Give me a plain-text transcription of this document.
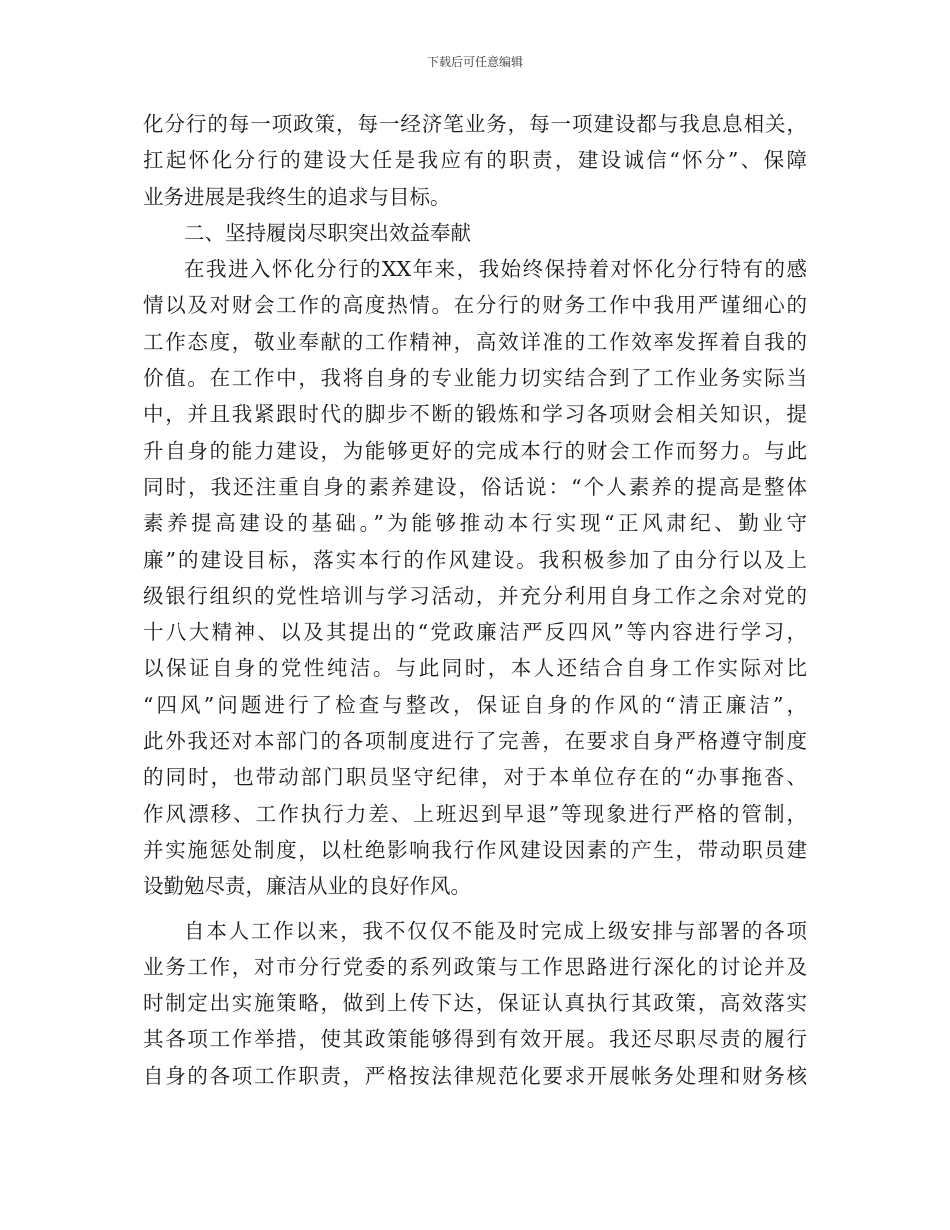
下载后可任意编辑
化分行的每一项政策，每一经济笔业务，每一项建设都与我息息相关，
扛起怀化分行的建设大任是我应有的职责，建设诚信“怀分”、保障
业务进展是我终生的追求与目标。
二、坚持履岗尽职突出效益奉献
在我进入怀化分行的XX年来，我始终保持着对怀化分行特有的感
情以及对财会工作的高度热情。在分行的财务工作中我用严谨细心的
工作态度，敬业奉献的工作精神，高效详准的工作效率发挥着自我的
价值。在工作中，我将自身的专业能力切实结合到了工作业务实际当
中，并且我紧跟时代的脚步不断的锻炼和学习各项财会相关知识，提
升自身的能力建设，为能够更好的完成本行的财会工作而努力。与此
同时，我还注重自身的素养建设，俗话说：“个人素养的提高是整体
素养提高建设的基础。”为能够推动本行实现“正风肃纪、勤业守
廉”的建设目标，落实本行的作风建设。我积极参加了由分行以及上
级银行组织的党性培训与学习活动，并充分利用自身工作之余对党的
十八大精神、以及其提出的“党政廉洁严反四风”等内容进行学习，
以保证自身的党性纯洁。与此同时，本人还结合自身工作实际对比
“四风”问题进行了检查与整改，保证自身的作风的“清正廉洁”，
此外我还对本部门的各项制度进行了完善，在要求自身严格遵守制度
的同时，也带动部门职员坚守纪律，对于本单位存在的“办事拖沓、
作风漂移、工作执行力差、上班迟到早退”等现象进行严格的管制，
并实施惩处制度，以杜绝影响我行作风建设因素的产生，带动职员建
设勤勉尽责，廉洁从业的良好作风。
自本人工作以来，我不仅仅不能及时完成上级安排与部署的各项
业务工作，对市分行党委的系列政策与工作思路进行深化的讨论并及
时制定出实施策略，做到上传下达，保证认真执行其政策，高效落实
其各项工作举措，使其政策能够得到有效开展。我还尽职尽责的履行
自身的各项工作职责，严格按法律规范化要求开展帐务处理和财务核
